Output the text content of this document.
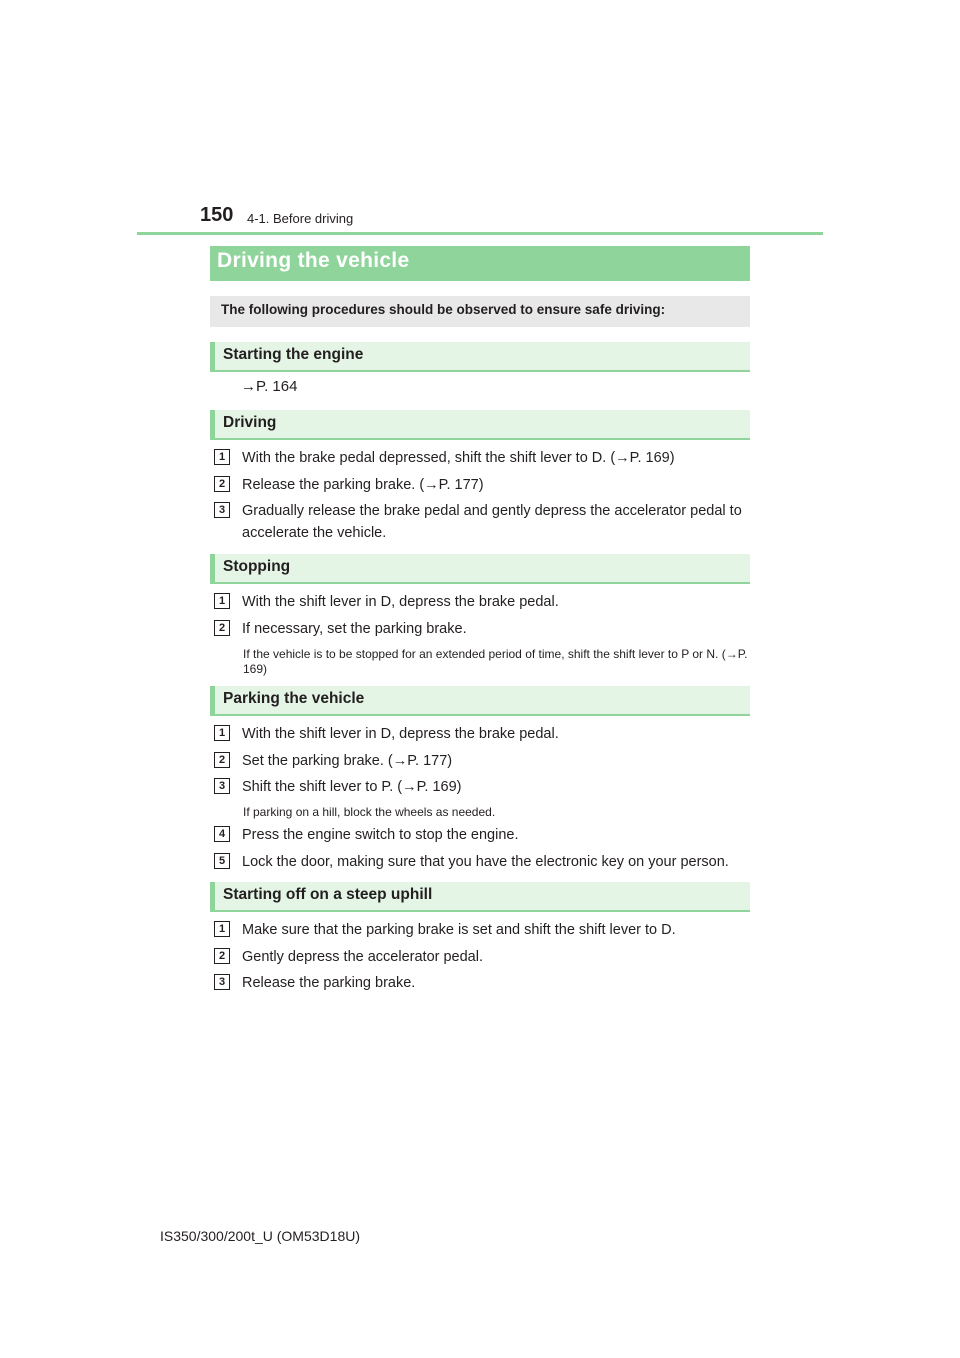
150 4-1. Before driving
Driving the vehicle
The following procedures should be observed to ensure safe driving:
Starting the engine
→P. 164
Driving
1	With the brake pedal depressed, shift the shift lever to D. (→P. 169)
2	Release the parking brake. (→P. 177)
3	Gradually release the brake pedal and gently depress the accelerator pedal to accelerate the vehicle.
Stopping
1	With the shift lever in D, depress the brake pedal.
2	If necessary, set the parking brake.
If the vehicle is to be stopped for an extended period of time, shift the shift lever to P or N. (→P. 169)
Parking the vehicle
1	With the shift lever in D, depress the brake pedal.
2	Set the parking brake. (→P. 177)
3	Shift the shift lever to P. (→P. 169)
If parking on a hill, block the wheels as needed.
4	Press the engine switch to stop the engine.
5	Lock the door, making sure that you have the electronic key on your person.
Starting off on a steep uphill
1	Make sure that the parking brake is set and shift the shift lever to D.
2	Gently depress the accelerator pedal.
3	Release the parking brake.
IS350/300/200t_U (OM53D18U)
